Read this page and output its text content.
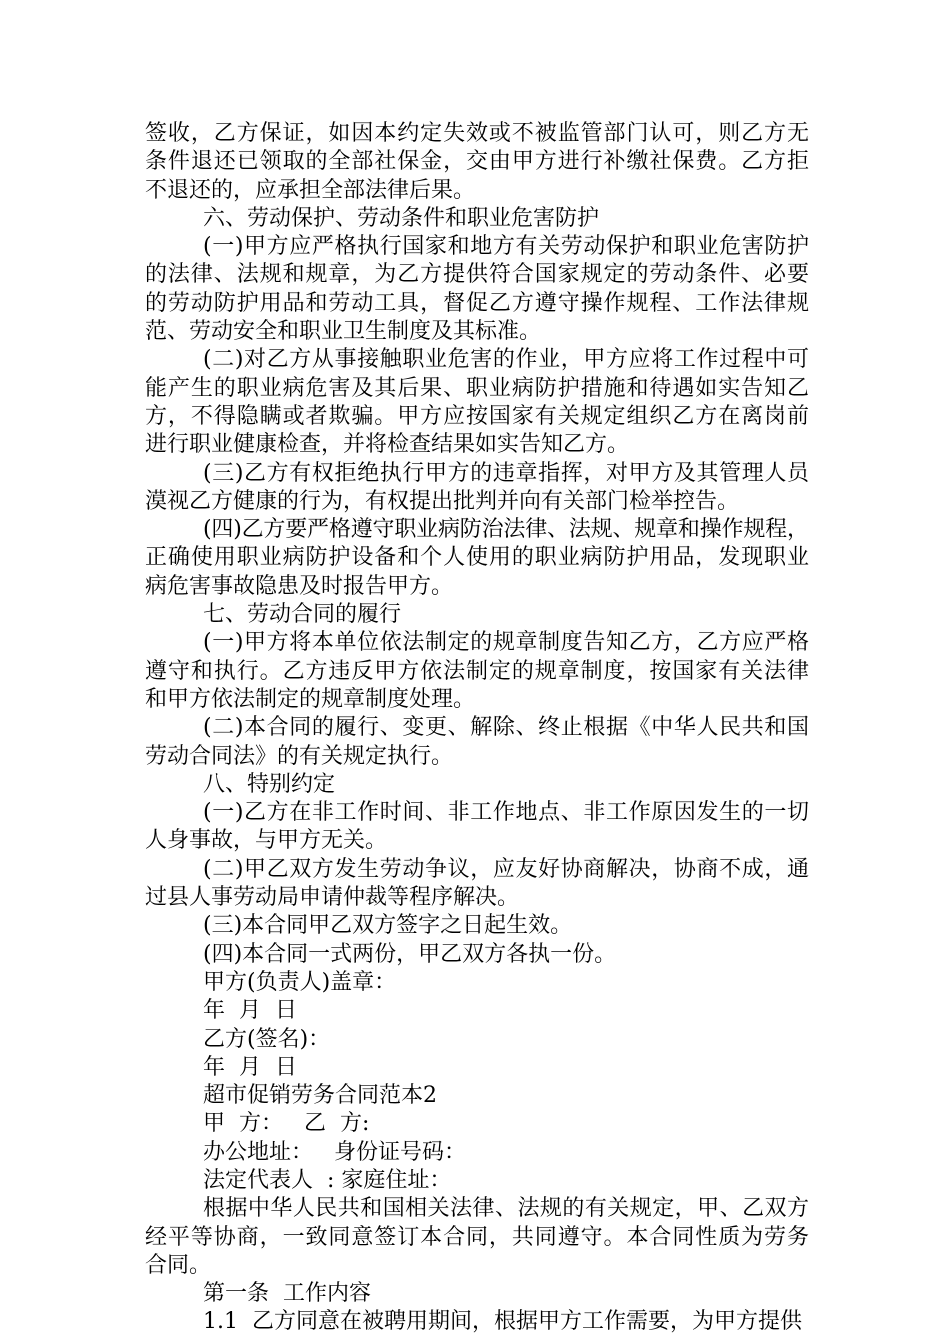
签收，乙方保证，如因本约定失效或不被监管部门认可，则乙方无
条件退还已领取的全部社保金，交由甲方进行补缴社保费。乙方拒
不退还的，应承担全部法律后果。
六、劳动保护、劳动条件和职业危害防护
(一)甲方应严格执行国家和地方有关劳动保护和职业危害防护
的法律、法规和规章，为乙方提供符合国家规定的劳动条件、必要
的劳动防护用品和劳动工具，督促乙方遵守操作规程、工作法律规
范、劳动安全和职业卫生制度及其标准。
(二)对乙方从事接触职业危害的作业，甲方应将工作过程中可
能产生的职业病危害及其后果、职业病防护措施和待遇如实告知乙
方，不得隐瞒或者欺骗。甲方应按国家有关规定组织乙方在离岗前
进行职业健康检查，并将检查结果如实告知乙方。
(三)乙方有权拒绝执行甲方的违章指挥，对甲方及其管理人员
漠视乙方健康的行为，有权提出批判并向有关部门检举控告。
(四)乙方要严格遵守职业病防治法律、法规、规章和操作规程，
正确使用职业病防护设备和个人使用的职业病防护用品，发现职业
病危害事故隐患及时报告甲方。
七、劳动合同的履行
(一)甲方将本单位依法制定的规章制度告知乙方，乙方应严格
遵守和执行。乙方违反甲方依法制定的规章制度，按国家有关法律
和甲方依法制定的规章制度处理。
(二)本合同的履行、变更、解除、终止根据《中华人民共和国
劳动合同法》的有关规定执行。
八、特别约定
(一)乙方在非工作时间、非工作地点、非工作原因发生的一切
人身事故，与甲方无关。
(二)甲乙双方发生劳动争议，应友好协商解决，协商不成，通
过县人事劳动局申请仲裁等程序解决。
(三)本合同甲乙双方签字之日起生效。
(四)本合同一式两份，甲乙双方各执一份。
甲方(负责人)盖章：
年  月  日
乙方(签名)：
年  月  日
超市促销劳务合同范本2
甲  方：   乙  方:
办公地址：   身份证号码：
法定代表人  : 家庭住址：
根据中华人民共和国相关法律、法规的有关规定，甲、乙双方
经平等协商，一致同意签订本合同，共同遵守。本合同性质为劳务
合同。
第一条  工作内容
1.1  乙方同意在被聘用期间，根据甲方工作需要，为甲方提供
